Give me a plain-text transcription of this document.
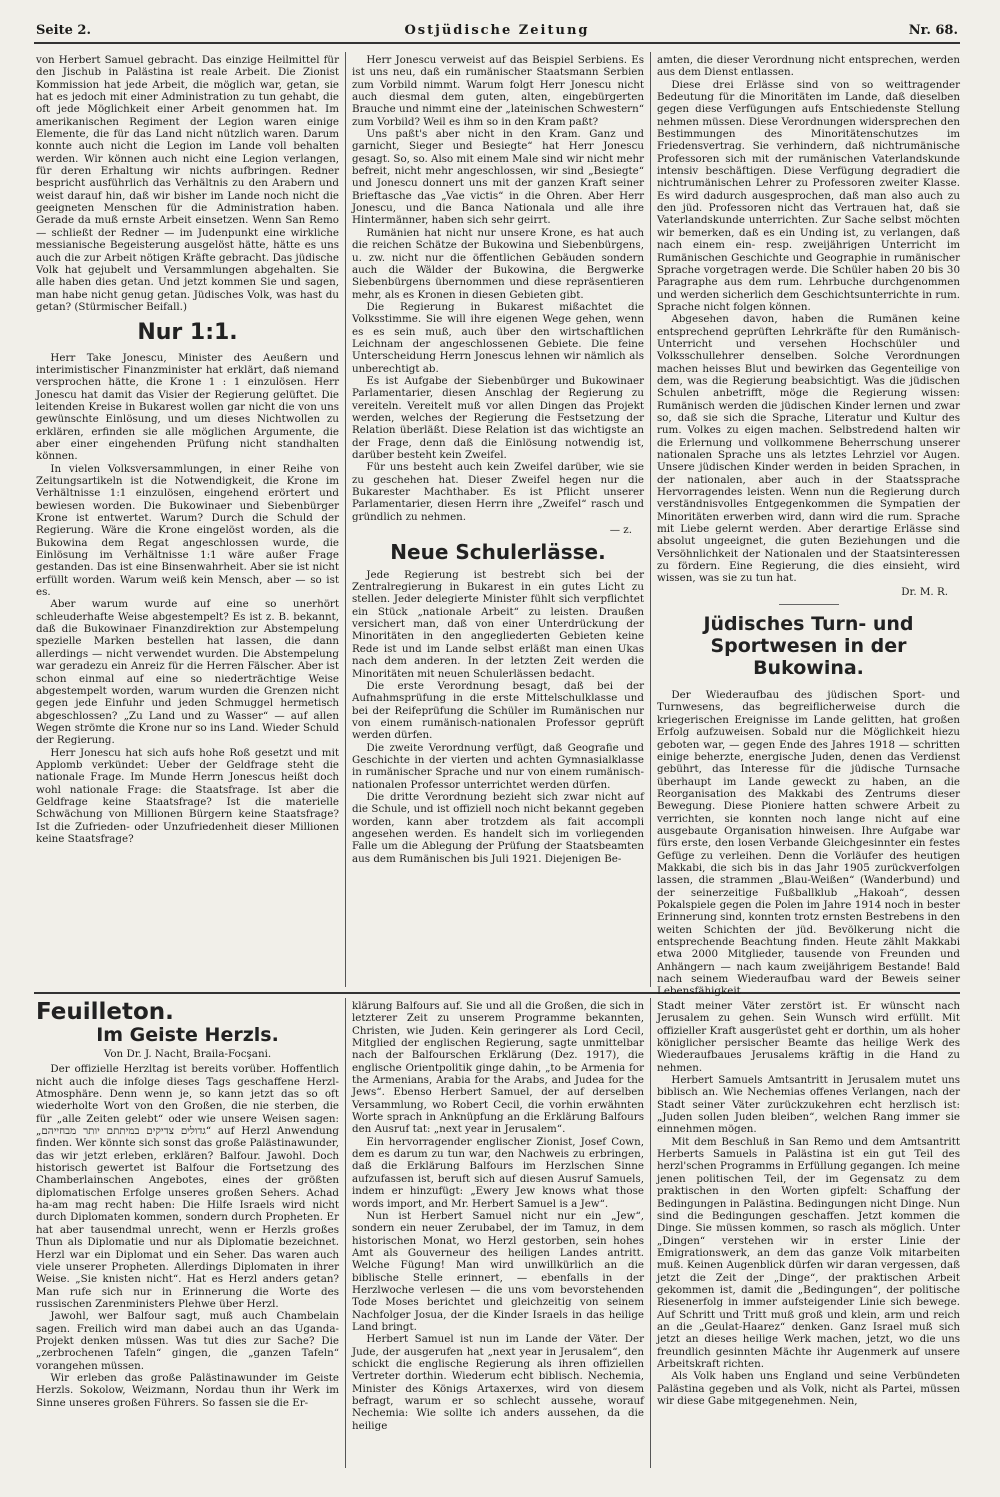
Seite 2.	Ostjüdische Zeitung	Nr. 68.

von Herbert Samuel gebracht. Das einzige Heilmittel für den Jischub in Palästina ist reale Arbeit. Die Zionist Kommission hat jede Arbeit, die möglich war, getan, sie hat es jedoch mit einer Administration zu tun gehabt, die oft jede Möglichkeit einer Arbeit genommen hat. Im amerikanischen Regiment der Legion waren einige Elemente, die für das Land nicht nützlich waren. Darum konnte auch nicht die Legion im Lande voll behalten werden. Wir können auch nicht eine Legion verlangen, für deren Erhaltung wir nichts aufbringen. Redner bespricht ausführlich das Verhältnis zu den Arabern und weist darauf hin, daß wir bisher im Lande noch nicht die geeigneten Menschen für die Administration haben. Gerade da muß ernste Arbeit einsetzen. Wenn San Remo — schließt der Redner — im Judenpunkt eine wirkliche messianische Begeisterung ausgelöst hätte, hätte es uns auch die zur Arbeit nötigen Kräfte gebracht. Das jüdische Volk hat gejubelt und Versammlungen abgehalten. Sie alle haben dies getan. Und jetzt kommen Sie und sagen, man habe nicht genug getan. Jüdisches Volk, was hast du getan? (Stürmischer Beifall.)

Nur 1:1.

Herr Take Jonescu, Minister des Aeußern und interimistischer Finanzminister hat erklärt, daß niemand versprochen hätte, die Krone 1 : 1 einzulösen. Herr Jonescu hat damit das Visier der Regierung gelüftet. Die leitenden Kreise in Bukarest wollen gar nicht die von uns gewünschte Einlösung, und um dieses Nichtwollen zu erklären, erfinden sie alle möglichen Argumente, die aber einer eingehenden Prüfung nicht standhalten können.

In vielen Volksversammlungen, in einer Reihe von Zeitungsartikeln ist die Notwendigkeit, die Krone im Verhältnisse 1:1 einzulösen, eingehend erörtert und bewiesen worden. Die Bukowinaer und Siebenbürger Krone ist entwertet. Warum? Durch die Schuld der Regierung. Wäre die Krone eingelöst worden, als die Bukowina dem Regat angeschlossen wurde, die Einlösung im Verhältnisse 1:1 wäre außer Frage gestanden. Das ist eine Binsenwahrheit. Aber sie ist nicht erfüllt worden. Warum weiß kein Mensch, aber — so ist es.

Aber warum wurde auf eine so unerhört schleuderhafte Weise abgestempelt? Es ist z. B. bekannt, daß die Bukowinaer Finanzdirektion zur Abstempelung spezielle Marken bestellen hat lassen, die dann allerdings — nicht verwendet wurden. Die Abstempelung war geradezu ein Anreiz für die Herren Fälscher. Aber ist schon einmal auf eine so niederträchtige Weise abgestempelt worden, warum wurden die Grenzen nicht gegen jede Einfuhr und jeden Schmuggel hermetisch abgeschlossen? „Zu Land und zu Wasser“ — auf allen Wegen strömte die Krone nur so ins Land. Wieder Schuld der Regierung.

Herr Jonescu hat sich aufs hohe Roß gesetzt und mit Applomb verkündet: Ueber der Geldfrage steht die nationale Frage. Im Munde Herrn Jonescus heißt doch wohl nationale Frage: die Staatsfrage. Ist aber die Geldfrage keine Staatsfrage? Ist die materielle Schwächung von Millionen Bürgern keine Staatsfrage? Ist die Zufrieden- oder Unzufriedenheit dieser Millionen keine Staatsfrage?

Herr Jonescu verweist auf das Beispiel Serbiens. Es ist uns neu, daß ein rumänischer Staatsmann Serbien zum Vorbild nimmt. Warum folgt Herr Jonescu nicht auch diesmal dem guten, alten, eingebürgerten Brauche und nimmt eine der „lateinischen Schwestern“ zum Vorbild? Weil es ihm so in den Kram paßt?

Uns paßt's aber nicht in den Kram. Ganz und garnicht, Sieger und Besiegte“ hat Herr Jonescu gesagt. So, so. Also mit einem Male sind wir nicht mehr befreit, nicht mehr angeschlossen, wir sind „Besiegte“ und Jonescu donnert uns mit der ganzen Kraft seiner Brieftasche das „Vae victis“ in die Ohren. Aber Herr Jonescu, und die Banca Nationala und alle ihre Hintermänner, haben sich sehr geirrt.

Rumänien hat nicht nur unsere Krone, es hat auch die reichen Schätze der Bukowina und Siebenbürgens, u. zw. nicht nur die öffentlichen Gebäuden sondern auch die Wälder der Bukowina, die Bergwerke Siebenbürgens übernommen und diese repräsentieren mehr, als es Kronen in diesen Gebieten gibt.

Die Regierung in Bukarest mißachtet die Volksstimme. Sie will ihre eigenen Wege gehen, wenn es es sein muß, auch über den wirtschaftlichen Leichnam der angeschlossenen Gebiete. Die feine Unterscheidung Herrn Jonescus lehnen wir nämlich als unberechtigt ab.

Es ist Aufgabe der Siebenbürger und Bukowinaer Parlamentarier, diesen Anschlag der Regierung zu vereiteln. Vereitelt muß vor allen Dingen das Projekt werden, welches der Regierung die Festsetzung der Relation überläßt. Diese Relation ist das wichtigste an der Frage, denn daß die Einlösung notwendig ist, darüber besteht kein Zweifel.

Für uns besteht auch kein Zweifel darüber, wie sie zu geschehen hat. Dieser Zweifel hegen nur die Bukarester Machthaber. Es ist Pflicht unserer Parlamentarier, diesen Herrn ihre „Zweifel“ rasch und gründlich zu nehmen.

— z.
Neue Schulerlässe.

Jede Regierung ist bestrebt sich bei der Zentralregierung in Bukarest in ein gutes Licht zu stellen. Jeder delegierte Minister fühlt sich verpflichtet ein Stück „nationale Arbeit“ zu leisten. Draußen versichert man, daß von einer Unterdrückung der Minoritäten in den angegliederten Gebieten keine Rede ist und im Lande selbst erläßt man einen Ukas nach dem anderen. In der letzten Zeit werden die Minoritäten mit neuen Schulerlässen bedacht.

Die erste Verordnung besagt, daß bei der Aufnahmsprüfung in die erste Mittelschulklasse und bei der Reifeprüfung die Schüler im Rumänischen nur von einem rumänisch-nationalen Professor geprüft werden dürfen.

Die zweite Verordnung verfügt, daß Geografie und Geschichte in der vierten und achten Gymnasialklasse in rumänischer Sprache und nur von einem rumänisch-nationalen Professor unterrichtet werden dürfen.

Die dritte Verordnung bezieht sich zwar nicht auf die Schule, und ist offiziell noch nicht bekannt gegeben worden, kann aber trotzdem als fait accompli angesehen werden. Es handelt sich im vorliegenden Falle um die Ablegung der Prüfung der Staatsbeamten aus dem Rumänischen bis Juli 1921. Diejenigen Be-

amten, die dieser Verordnung nicht entsprechen, werden aus dem Dienst entlassen.

Diese drei Erlässe sind von so weittragender Bedeutung für die Minoritäten im Lande, daß dieselben gegen diese Verfügungen aufs Entschiedenste Stellung nehmen müssen. Diese Verordnungen widersprechen den Bestimmungen des Minoritätenschutzes im Friedensvertrag. Sie verhindern, daß nichtrumänische Professoren sich mit der rumänischen Vaterlandskunde intensiv beschäftigen. Diese Verfügung degradiert die nichtrumänischen Lehrer zu Professoren zweiter Klasse. Es wird dadurch ausgesprochen, daß man also auch zu den jüd. Professoren nicht das Vertrauen hat, daß sie Vaterlandskunde unterrichten. Zur Sache selbst möchten wir bemerken, daß es ein Unding ist, zu verlangen, daß nach einem ein- resp. zweijährigen Unterricht im Rumänischen Geschichte und Geographie in rumänischer Sprache vorgetragen werde. Die Schüler haben 20 bis 30 Paragraphe aus dem rum. Lehrbuche durchgenommen und werden sicherlich dem Geschichtsunterrichte in rum. Sprache nicht folgen können.

Abgesehen davon, haben die Rumänen keine entsprechend geprüften Lehrkräfte für den Rumänisch-Unterricht und versehen Hochschüler und Volksschullehrer denselben. Solche Verordnungen machen heisses Blut und bewirken das Gegenteilige von dem, was die Regierung beabsichtigt. Was die jüdischen Schulen anbetrifft, möge die Regierung wissen: Rumänisch werden die jüdischen Kinder lernen und zwar so, daß sie sich die Sprache, Literatur und Kultur des rum. Volkes zu eigen machen. Selbstredend halten wir die Erlernung und vollkommene Beherrschung unserer nationalen Sprache uns als letztes Lehrziel vor Augen. Unsere jüdischen Kinder werden in beiden Sprachen, in der nationalen, aber auch in der Staatssprache Hervorragendes leisten. Wenn nun die Regierung durch verständnisvolles Entgegenkommen die Sympatien der Minoritäten erwerben wird, dann wird die rum. Sprache mit Liebe gelernt werden. Aber derartige Erlässe sind absolut ungeeignet, die guten Beziehungen und die Versöhnlichkeit der Nationalen und der Staatsinteressen zu fördern. Eine Regierung, die dies einsieht, wird wissen, was sie zu tun hat.

Dr. M. R.
Jüdisches Turn- und Sportwesen in der Bukowina.

Der Wiederaufbau des jüdischen Sport- und Turnwesens, das begreiflicherweise durch die kriegerischen Ereignisse im Lande gelitten, hat großen Erfolg aufzuweisen. Sobald nur die Möglichkeit hiezu geboten war, — gegen Ende des Jahres 1918 — schritten einige beherzte, energische Juden, denen das Verdienst gebührt, das Interesse für die jüdische Turnsache überhaupt im Lande geweckt zu haben, an die Reorganisation des Makkabi des Zentrums dieser Bewegung. Diese Pioniere hatten schwere Arbeit zu verrichten, sie konnten noch lange nicht auf eine ausgebaute Organisation hinweisen. Ihre Aufgabe war fürs erste, den losen Verbande Gleichgesinnter ein festes Gefüge zu verleihen. Denn die Vorläufer des heutigen Makkabi, die sich bis in das Jahr 1905 zurückverfolgen lassen, die strammen „Blau-Weißen“ (Wanderbund) und der seinerzeitige Fußballklub „Hakoah“, dessen Pokalspiele gegen die Polen im Jahre 1914 noch in bester Erinnerung sind, konnten trotz ernsten Bestrebens in den weiten Schichten der jüd. Bevölkerung nicht die entsprechende Beachtung finden. Heute zählt Makkabi etwa 2000 Mitglieder, tausende von Freunden und Anhängern — nach kaum zweijährigem Bestande! Bald nach seinem Wiederaufbau ward der Beweis seiner Lebensfähigkeit

Feuilleton.
Im Geiste Herzls.
Von Dr. J. Nacht, Braila-Focşani.

Der offizielle Herzltag ist bereits vorüber. Hoffentlich nicht auch die infolge dieses Tags geschaffene Herzl-Atmosphäre. Denn wenn je, so kann jetzt das so oft wiederholte Wort von den Großen, die nie sterben, die für „alle Zeiten gelebt“ oder wie unsere Weisen sagen: „גדולים צדיקים במיתתם יותר מבחייהם“ auf Herzl Anwendung finden. Wer könnte sich sonst das große Palästinawunder, das wir jetzt erleben, erklären? Balfour. Jawohl. Doch historisch gewertet ist Balfour die Fortsetzung des Chamberlainschen Angebotes, eines der größten diplomatischen Erfolge unseres großen Sehers. Achad ha-am mag recht haben: Die Hilfe Israels wird nicht durch Diplomaten kommen, sondern durch Propheten. Er hat aber tausendmal unrecht, wenn er Herzls großes Thun als Diplomatie und nur als Diplomatie bezeichnet. Herzl war ein Diplomat und ein Seher. Das waren auch viele unserer Propheten. Allerdings Diplomaten in ihrer Weise. „Sie knisten nicht“. Hat es Herzl anders getan? Man rufe sich nur in Erinnerung die Worte des russischen Zarenministers Plehwe über Herzl.

Jawohl, wer Balfour sagt, muß auch Chambelain sagen. Freilich wird man dabei auch an das Uganda-Projekt denken müssen. Was tut dies zur Sache? Die „zerbrochenen Tafeln“ gingen, die „ganzen Tafeln“ vorangehen müssen.

Wir erleben das große Palästinawunder im Geiste Herzls. Sokolow, Weizmann, Nordau thun ihr Werk im Sinne unseres großen Führers. So fassen sie die Er-

klärung Balfours auf. Sie und all die Großen, die sich in letzterer Zeit zu unserem Programme bekannten, Christen, wie Juden. Kein geringerer als Lord Cecil, Mitglied der englischen Regierung, sagte unmittelbar nach der Balfourschen Erklärung (Dez. 1917), die englische Orientpolitik ginge dahin, „to be Armenia for the Armenians, Arabia for the Arabs, and Judea for the Jews“. Ebenso Herbert Samuel, der auf derselben Versammlung, wo Robert Cecil, die vorhin erwähnten Worte sprach in Anknüpfung an die Erklärung Balfours den Ausruf tat: „next year in Jerusalem“.

Ein hervorragender englischer Zionist, Josef Cown, dem es darum zu tun war, den Nachweis zu erbringen, daß die Erklärung Balfours im Herzlschen Sinne aufzufassen ist, beruft sich auf diesen Ausruf Samuels, indem er hinzufügt: „Ewery Jew knows what those words import, and Mr. Herbert Samuel is a Jew“.

Nun ist Herbert Samuel nicht nur ein „Jew“, sondern ein neuer Zerubabel, der im Tamuz, in dem historischen Monat, wo Herzl gestorben, sein hohes Amt als Gouverneur des heiligen Landes antritt. Welche Fügung! Man wird unwillkürlich an die biblische Stelle erinnert, — ebenfalls in der Herzlwoche verlesen — die uns vom bevorstehenden Tode Moses berichtet und gleichzeitig von seinem Nachfolger Josua, der die Kinder Israels in das heilige Land bringt.

Herbert Samuel ist nun im Lande der Väter. Der Jude, der ausgerufen hat „next year in Jerusalem“, den schickt die englische Regierung als ihren offiziellen Vertreter dorthin. Wiederum echt biblisch. Nechemia, Minister des Königs Artaxerxes, wird von diesem befragt, warum er so schlecht aussehe, worauf Nechemia: Wie sollte ich anders aussehen, da die heilige

Stadt meiner Väter zerstört ist. Er wünscht nach Jerusalem zu gehen. Sein Wunsch wird erfüllt. Mit offizieller Kraft ausgerüstet geht er dorthin, um als hoher königlicher persischer Beamte das heilige Werk des Wiederaufbaues Jerusalems kräftig in die Hand zu nehmen.

Herbert Samuels Amtsantritt in Jerusalem mutet uns biblisch an. Wie Nechemias offenes Verlangen, nach der Stadt seiner Väter zurückzukehren echt herzlisch ist: „Juden sollen Juden bleiben“, welchen Rang immer sie einnehmen mögen.

Mit dem Beschluß in San Remo und dem Amtsantritt Herberts Samuels in Palästina ist ein gut Teil des herzl'schen Programms in Erfüllung gegangen. Ich meine jenen politischen Teil, der im Gegensatz zu dem praktischen in den Worten gipfelt: Schaffung der Bedingungen in Palästina. Bedingungen nicht Dinge. Nun sind die Bedingungen geschaffen. Jetzt kommen die Dinge. Sie müssen kommen, so rasch als möglich. Unter „Dingen“ verstehen wir in erster Linie der Emigrationswerk, an dem das ganze Volk mitarbeiten muß. Keinen Augenblick dürfen wir daran vergessen, daß jetzt die Zeit der „Dinge“, der praktischen Arbeit gekommen ist, damit die „Bedingungen“, der politische Riesenerfolg in immer aufsteigender Linie sich bewege. Auf Schritt und Tritt muß groß und klein, arm und reich an die „Geulat-Haarez“ denken. Ganz Israel muß sich jetzt an dieses heilige Werk machen, jetzt, wo die uns freundlich gesinnten Mächte ihr Augenmerk auf unsere Arbeitskraft richten.

Als Volk haben uns England und seine Verbündeten Palästina gegeben und als Volk, nicht als Partei, müssen wir diese Gabe mitgegenehmen. Nein,
